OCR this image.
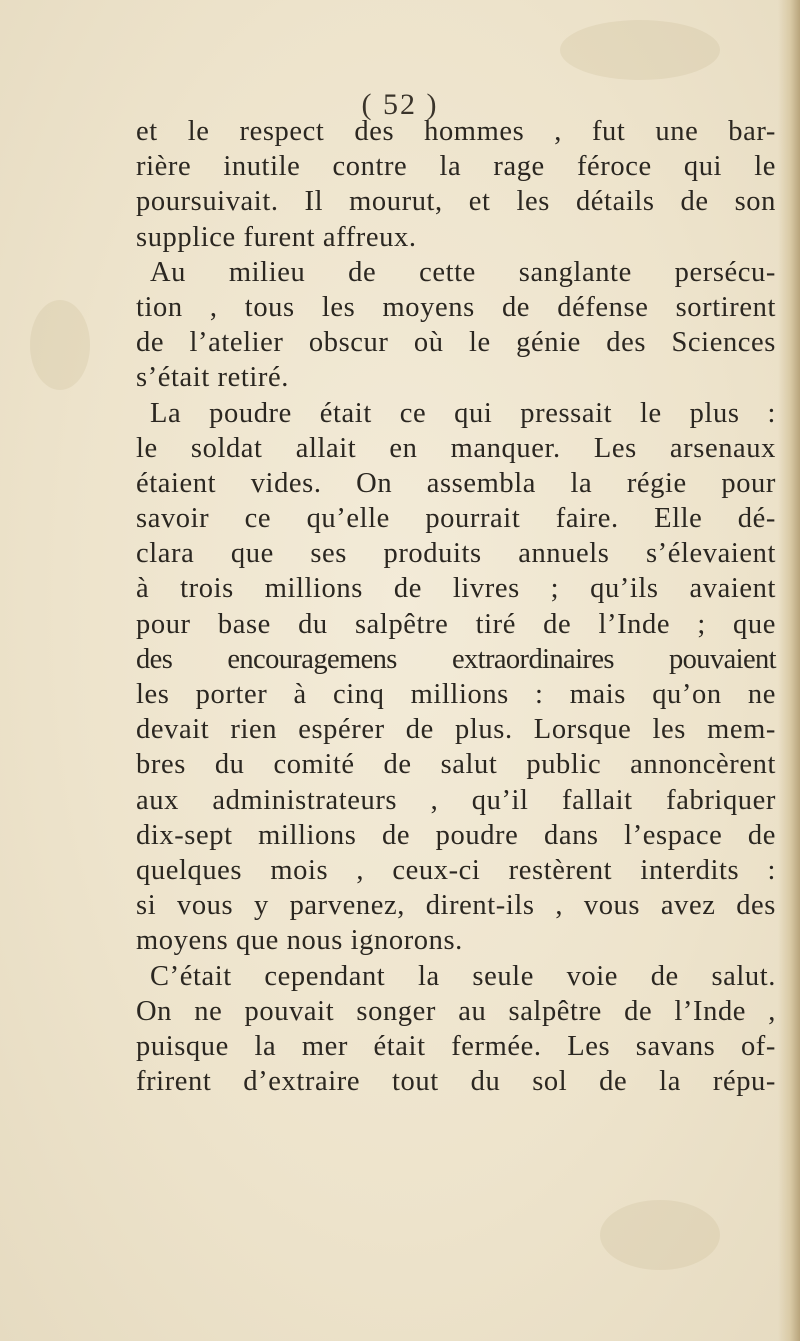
( 52 )
et le respect des hommes , fut une bar-
rière inutile contre la rage féroce qui le
poursuivait. Il mourut, et les détails de son
supplice furent affreux.
Au milieu de cette sanglante persécu-
tion , tous les moyens de défense sortirent
de l’atelier obscur où le génie des Sciences
s’était retiré.
La poudre était ce qui pressait le plus :
le soldat allait en manquer. Les arsenaux
étaient vides. On assembla la régie pour
savoir ce qu’elle pourrait faire. Elle dé-
clara que ses produits annuels s’élevaient
à trois millions de livres ; qu’ils avaient
pour base du salpêtre tiré de l’Inde ; que
des encouragemens extraordinaires pouvaient
les porter à cinq millions : mais qu’on ne
devait rien espérer de plus. Lorsque les mem-
bres du comité de salut public annoncèrent
aux administrateurs , qu’il fallait fabriquer
dix-sept millions de poudre dans l’espace de
quelques mois , ceux-ci restèrent interdits :
si vous y parvenez, dirent-ils , vous avez des
moyens que nous ignorons.
C’était cependant la seule voie de salut.
On ne pouvait songer au salpêtre de l’Inde ,
puisque la mer était fermée. Les savans of-
frirent d’extraire tout du sol de la répu-
